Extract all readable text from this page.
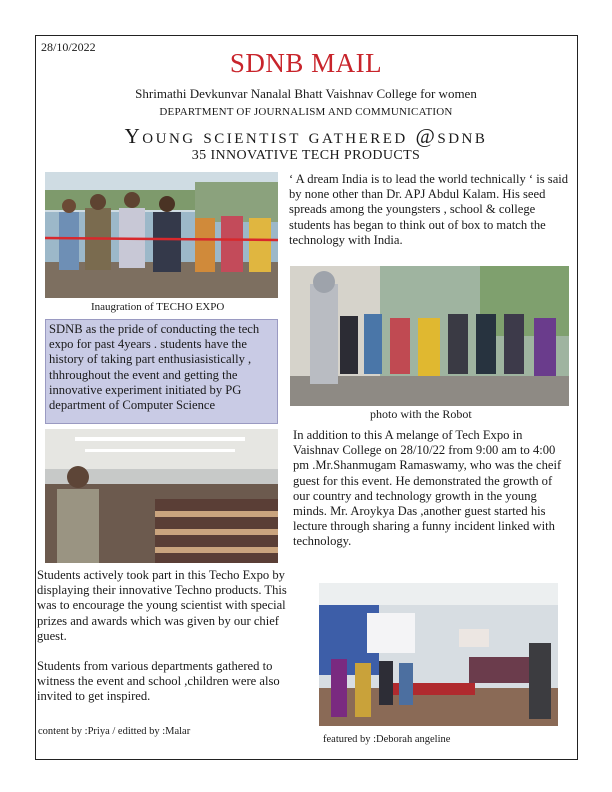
28/10/2022
SDNB MAIL
Shrimathi Devkunvar Nanalal Bhatt Vaishnav College for women
DEPARTMENT OF JOURNALISM AND COMMUNICATION
Young scientist gathered @sdnb
35 INNOVATIVE TECH PRODUCTS
Inaugration of TECHO EXPO
SDNB as the pride of conducting the tech expo for past 4years . students have the history of taking part enthusiasistically , thhroughout the event and getting the innovative experiment initiated by PG department of Computer Science
‘ A dream India is to lead the world technically ‘ is said by none other than Dr. APJ Abdul Kalam. His seed spreads among the youngsters , school & college students has began to think out of box to match the technology with India.
photo with the Robot
In addition to this A melange of Tech Expo in Vaishnav College on 28/10/22 from 9:00 am to 4:00 pm .Mr.Shanmugam Ramaswamy, who was the cheif guest for this event. He demonstrated the growth of our country and technology growth in the young minds. Mr. Aroykya Das ,another guest started his lecture through sharing a funny incident linked with technology.
Students actively took part in this Techo Expo by displaying their innovative Techno products. This was to encourage the young scientist with special prizes and awards which was given by our chief guest.
Students from various departments gathered to witness the event and school ,children were also invited to get inspired.
content by :Priya / editted by :Malar
featured by :Deborah angeline
